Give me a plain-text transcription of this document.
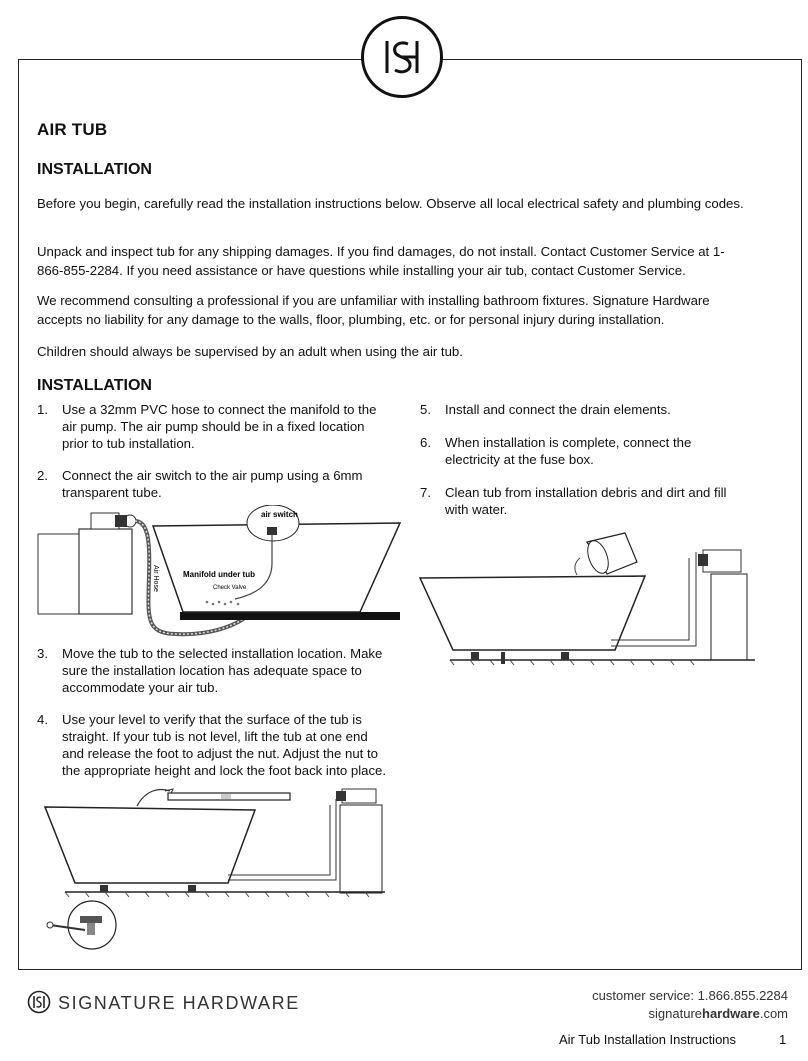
AIR TUB
INSTALLATION
Before you begin, carefully read the installation instructions below. Observe all local electrical safety and plumbing codes.
Unpack and inspect tub for any shipping damages. If you find damages, do not install. Contact Customer Service at 1-866-855-2284. If you need assistance or have questions while installing your air tub, contact Customer Service.
We recommend consulting a professional if you are unfamiliar with installing bathroom fixtures. Signature Hardware accepts no liability for any damage to the walls, floor, plumbing, etc. or for personal injury during installation.
Children should always be supervised by an adult when using the air tub.
INSTALLATION
1. Use a 32mm PVC hose to connect the manifold to the
air pump. The air pump should be in a fixed location
prior to tub installation.
2. Connect the air switch to the air pump using a 6mm
transparent tube.
air switch
Manifold under tub
Check Valve
Air Hose
3. Move the tub to the selected installation location. Make
sure the installation location has adequate space to
accommodate your air tub.
4. Use your level to verify that the surface of the tub is
straight. If your tub is not level, lift the tub at one end
and release the foot to adjust the nut. Adjust the nut to
the appropriate height and lock the foot back into place.
5. Install and connect the drain elements.
6. When installation is complete, connect the
electricity at the fuse box.
7. Clean tub from installation debris and dirt and fill
with water.
SIGNATURE HARDWARE	customer service: 1.866.855.2284
signaturehardware.com
Air Tub Installation Instructions	1
